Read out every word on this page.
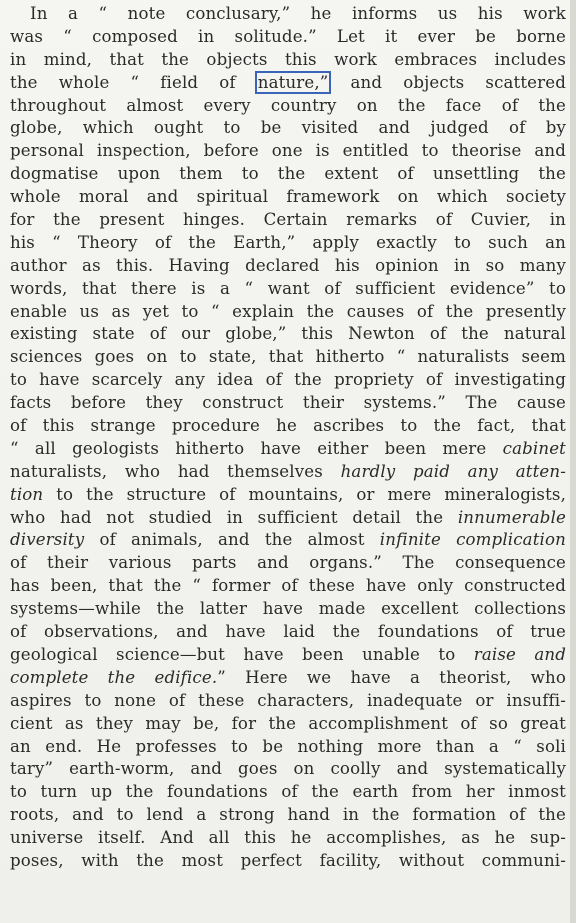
In a “ note conclusary,” he informs us his work
was “ composed in solitude.” Let it ever be borne
in mind, that the objects this work embraces includes
the whole “ field of nature,” and objects scattered
throughout almost every country on the face of the
globe, which ought to be visited and judged of by
personal inspection, before one is entitled to theorise and
dogmatise upon them to the extent of unsettling the
whole moral and spiritual framework on which society
for the present hinges. Certain remarks of Cuvier, in
his “ Theory of the Earth,” apply exactly to such an
author as this. Having declared his opinion in so many
words, that there is a “ want of sufficient evidence” to
enable us as yet to “ explain the causes of the presently
existing state of our globe,” this Newton of the natural
sciences goes on to state, that hitherto “ naturalists seem
to have scarcely any idea of the propriety of investigating
facts before they construct their systems.” The cause
of this strange procedure he ascribes to the fact, that
“ all geologists hitherto have either been mere cabinet
naturalists, who had themselves hardly paid any atten-
tion to the structure of mountains, or mere mineralogists,
who had not studied in sufficient detail the innumerable
diversity of animals, and the almost infinite complication
of their various parts and organs.” The consequence
has been, that the “ former of these have only constructed
systems—while the latter have made excellent collections
of observations, and have laid the foundations of true
geological science—but have been unable to raise and
complete the edifice.” Here we have a theorist, who
aspires to none of these characters, inadequate or insuffi-
cient as they may be, for the accomplishment of so great
an end. He professes to be nothing more than a “ soli
tary” earth-worm, and goes on coolly and systematically
to turn up the foundations of the earth from her inmost
roots, and to lend a strong hand in the formation of the
universe itself. And all this he accomplishes, as he sup-
poses, with the most perfect facility, without communi-
